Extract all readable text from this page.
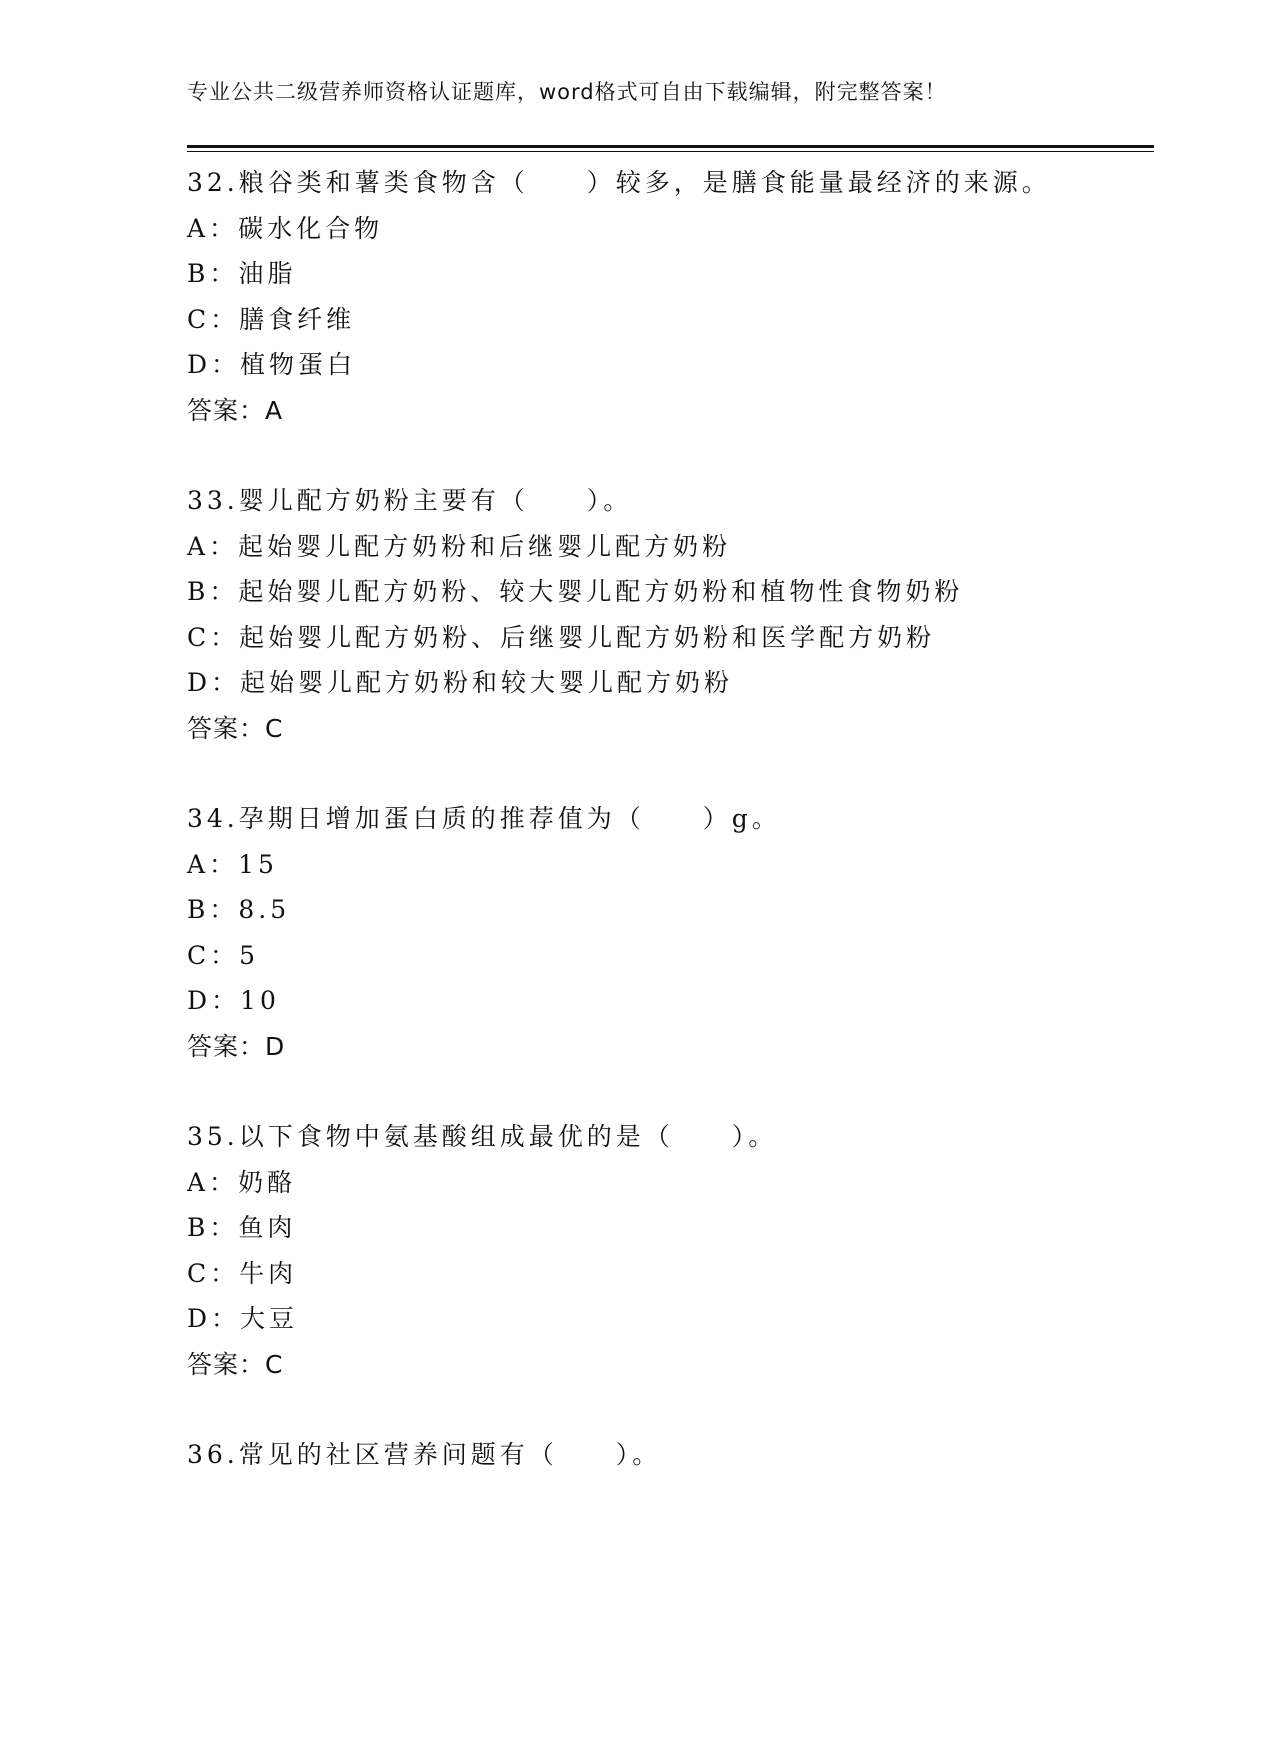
专业公共二级营养师资格认证题库，word格式可自由下载编辑，附完整答案！
32.粮谷类和薯类食物含（　　）较多，是膳食能量最经济的来源。
A：碳水化合物
B：油脂
C：膳食纤维
D：植物蛋白
答案：A
33.婴儿配方奶粉主要有（　　）。
A：起始婴儿配方奶粉和后继婴儿配方奶粉
B：起始婴儿配方奶粉、较大婴儿配方奶粉和植物性食物奶粉
C：起始婴儿配方奶粉、后继婴儿配方奶粉和医学配方奶粉
D：起始婴儿配方奶粉和较大婴儿配方奶粉
答案：C
34.孕期日增加蛋白质的推荐值为（　　）g。
A：15
B：8.5
C：5
D：10
答案：D
35.以下食物中氨基酸组成最优的是（　　）。
A：奶酪
B：鱼肉
C：牛肉
D：大豆
答案：C
36.常见的社区营养问题有（　　）。
